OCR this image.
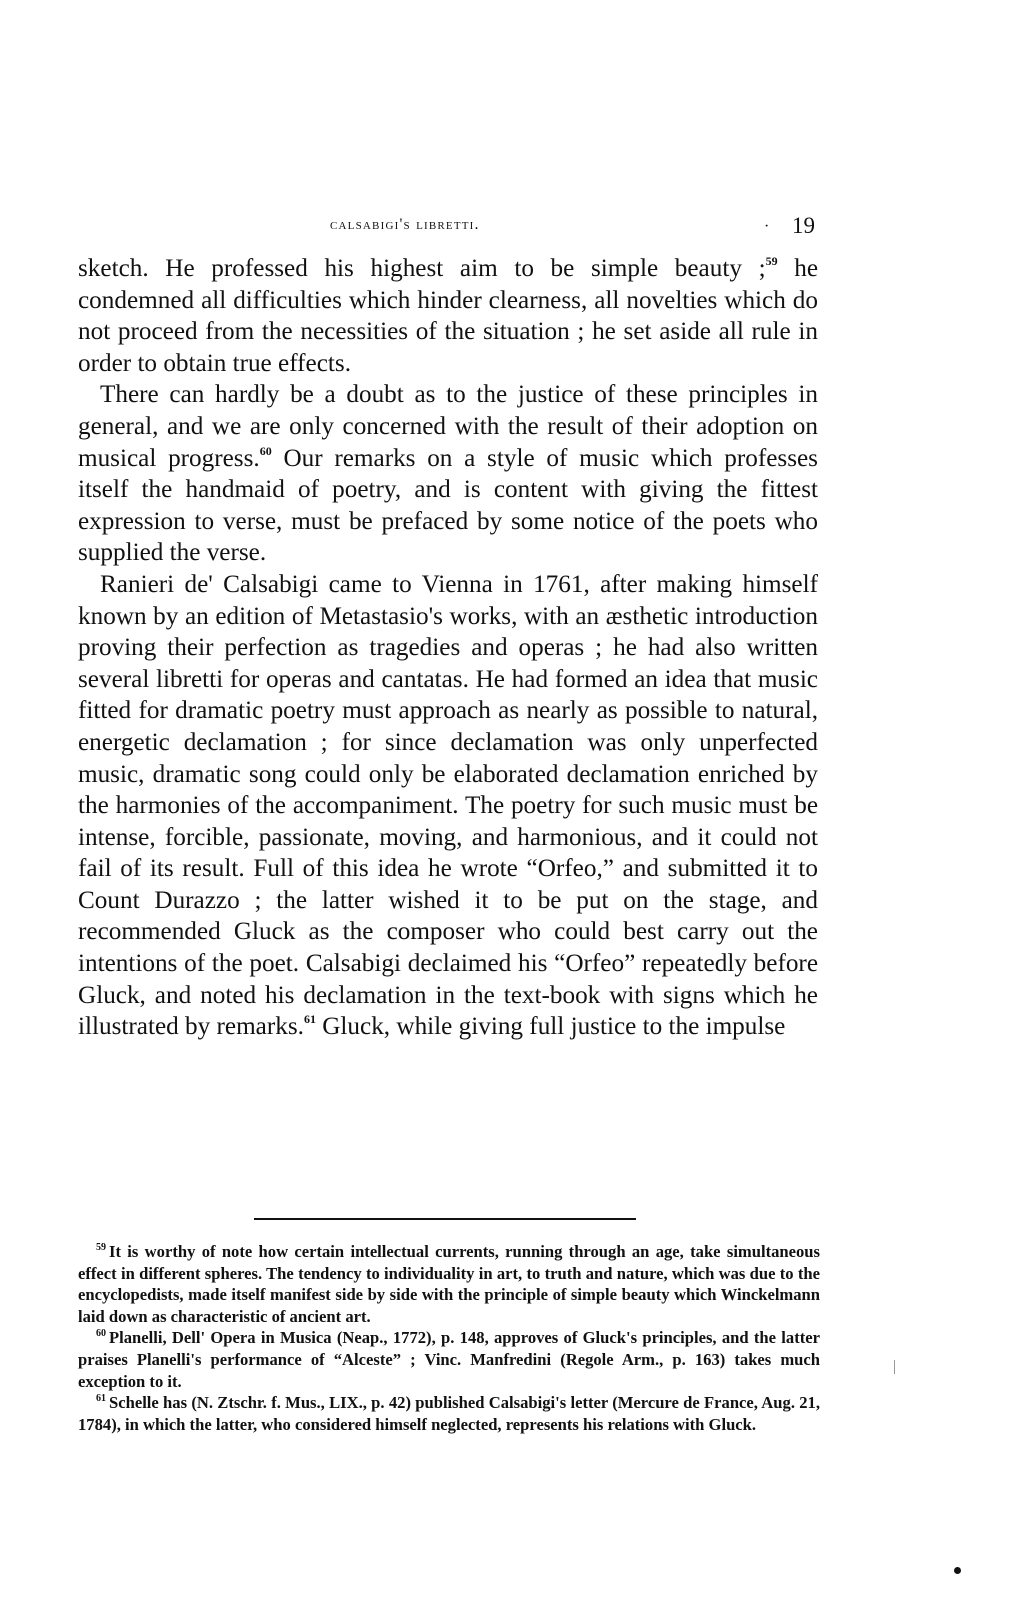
calsabigi's libretti.	· 19

sketch. He professed his highest aim to be simple beauty ;$^{59}$ he condemned all difficulties which hinder clearness, all novelties which do not proceed from the necessities of the situation ; he set aside all rule in order to obtain true effects.

There can hardly be a doubt as to the justice of these principles in general, and we are only concerned with the result of their adoption on musical progress.$^{60}$ Our remarks on a style of music which professes itself the handmaid of poetry, and is content with giving the fittest expression to verse, must be prefaced by some notice of the poets who supplied the verse.

Ranieri de' Calsabigi came to Vienna in 1761, after making himself known by an edition of Metastasio's works, with an æsthetic introduction proving their perfection as tragedies and operas ; he had also written several libretti for operas and cantatas. He had formed an idea that music fitted for dramatic poetry must approach as nearly as possible to natural, energetic declamation ; for since declamation was only unperfected music, dramatic song could only be elaborated declamation enriched by the harmonies of the accompaniment. The poetry for such music must be intense, forcible, passionate, moving, and harmonious, and it could not fail of its result. Full of this idea he wrote “Orfeo,” and submitted it to Count Durazzo ; the latter wished it to be put on the stage, and recommended Gluck as the composer who could best carry out the intentions of the poet. Calsabigi declaimed his “Orfeo” repeatedly before Gluck, and noted his declamation in the text-book with signs which he illustrated by remarks.$^{61}$ Gluck, while giving full justice to the impulse

$^{59}$ It is worthy of note how certain intellectual currents, running through an age, take simultaneous effect in different spheres. The tendency to individuality in art, to truth and nature, which was due to the encyclopedists, made itself manifest side by side with the principle of simple beauty which Winckelmann laid down as characteristic of ancient art.

$^{60}$ Planelli, Dell' Opera in Musica (Neap., 1772), p. 148, approves of Gluck's principles, and the latter praises Planelli's performance of “Alceste” ; Vinc. Manfredini (Regole Arm., p. 163) takes much exception to it.

$^{61}$ Schelle has (N. Ztschr. f. Mus., LIX., p. 42) published Calsabigi's letter (Mercure de France, Aug. 21, 1784), in which the latter, who considered himself neglected, represents his relations with Gluck.
